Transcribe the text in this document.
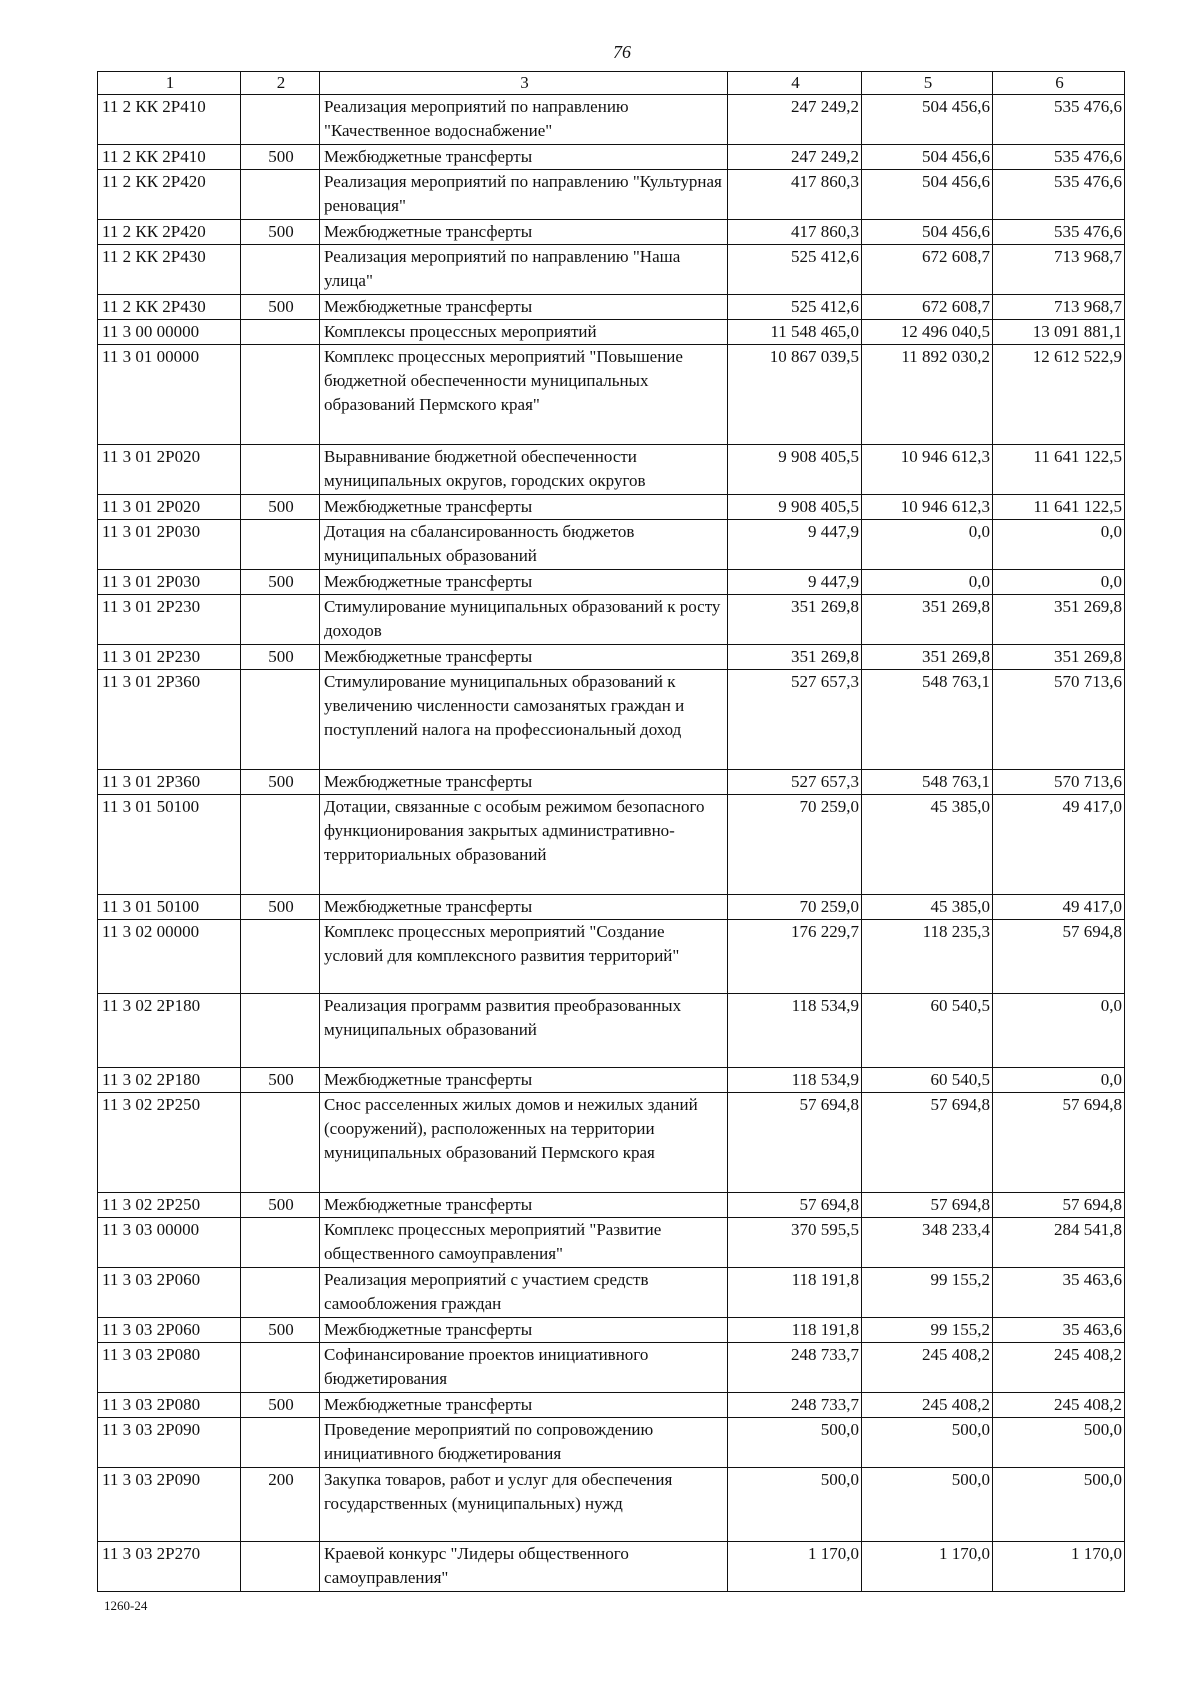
76
1	2	3	4	5	6
11 2 КК 2Р410		Реализация мероприятий по направлению "Качественное водоснабжение"	247 249,2	504 456,6	535 476,6
11 2 КК 2Р410	500	Межбюджетные трансферты	247 249,2	504 456,6	535 476,6
11 2 КК 2Р420		Реализация мероприятий по направлению "Культурная реновация"	417 860,3	504 456,6	535 476,6
11 2 КК 2Р420	500	Межбюджетные трансферты	417 860,3	504 456,6	535 476,6
11 2 КК 2Р430		Реализация мероприятий по направлению "Наша улица"	525 412,6	672 608,7	713 968,7
11 2 КК 2Р430	500	Межбюджетные трансферты	525 412,6	672 608,7	713 968,7
11 3 00 00000		Комплексы процессных мероприятий	11 548 465,0	12 496 040,5	13 091 881,1
11 3 01 00000		Комплекс процессных мероприятий "Повышение бюджетной обеспеченности муниципальных образований Пермского края"	10 867 039,5	11 892 030,2	12 612 522,9
11 3 01 2Р020		Выравнивание бюджетной обеспеченности муниципальных округов, городских округов	9 908 405,5	10 946 612,3	11 641 122,5
11 3 01 2Р020	500	Межбюджетные трансферты	9 908 405,5	10 946 612,3	11 641 122,5
11 3 01 2Р030		Дотация на сбалансированность бюджетов муниципальных образований	9 447,9	0,0	0,0
11 3 01 2Р030	500	Межбюджетные трансферты	9 447,9	0,0	0,0
11 3 01 2Р230		Стимулирование муниципальных образований к росту доходов	351 269,8	351 269,8	351 269,8
11 3 01 2Р230	500	Межбюджетные трансферты	351 269,8	351 269,8	351 269,8
11 3 01 2Р360		Стимулирование муниципальных образований к увеличению численности самозанятых граждан и поступлений налога на профессиональный доход	527 657,3	548 763,1	570 713,6
11 3 01 2Р360	500	Межбюджетные трансферты	527 657,3	548 763,1	570 713,6
11 3 01 50100		Дотации, связанные с особым режимом безопасного функционирования закрытых административно-территориальных образований	70 259,0	45 385,0	49 417,0
11 3 01 50100	500	Межбюджетные трансферты	70 259,0	45 385,0	49 417,0
11 3 02 00000		Комплекс процессных мероприятий "Создание условий для комплексного развития территорий"	176 229,7	118 235,3	57 694,8
11 3 02 2Р180		Реализация программ развития преобразованных муниципальных образований	118 534,9	60 540,5	0,0
11 3 02 2Р180	500	Межбюджетные трансферты	118 534,9	60 540,5	0,0
11 3 02 2Р250		Снос расселенных жилых домов и нежилых зданий (сооружений), расположенных на территории муниципальных образований Пермского края	57 694,8	57 694,8	57 694,8
11 3 02 2Р250	500	Межбюджетные трансферты	57 694,8	57 694,8	57 694,8
11 3 03 00000		Комплекс процессных мероприятий "Развитие общественного самоуправления"	370 595,5	348 233,4	284 541,8
11 3 03 2Р060		Реализация мероприятий с участием средств самообложения граждан	118 191,8	99 155,2	35 463,6
11 3 03 2Р060	500	Межбюджетные трансферты	118 191,8	99 155,2	35 463,6
11 3 03 2Р080		Софинансирование проектов инициативного бюджетирования	248 733,7	245 408,2	245 408,2
11 3 03 2Р080	500	Межбюджетные трансферты	248 733,7	245 408,2	245 408,2
11 3 03 2Р090		Проведение мероприятий по сопровождению инициативного бюджетирования	500,0	500,0	500,0
11 3 03 2Р090	200	Закупка товаров, работ и услуг для обеспечения государственных (муниципальных) нужд	500,0	500,0	500,0
11 3 03 2Р270		Краевой конкурс "Лидеры общественного самоуправления"	1 170,0	1 170,0	1 170,0
1260-24
